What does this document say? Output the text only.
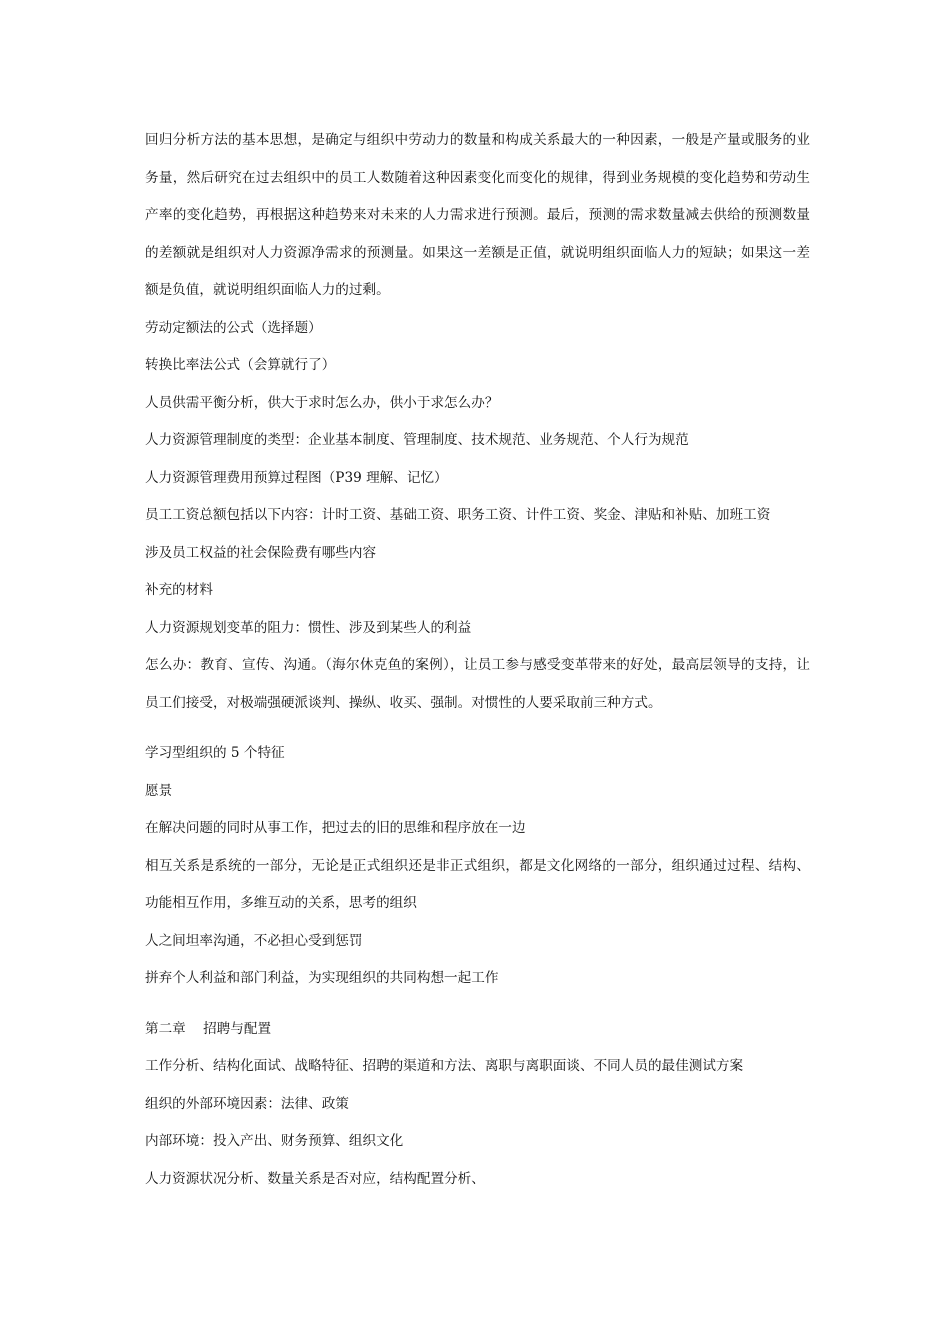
回归分析方法的基本思想，是确定与组织中劳动力的数量和构成关系最大的一种因素，一般是产量或服务的业务量，然后研究在过去组织中的员工人数随着这种因素变化而变化的规律，得到业务规模的变化趋势和劳动生产率的变化趋势，再根据这种趋势来对未来的人力需求进行预测。最后，预测的需求数量减去供给的预测数量的差额就是组织对人力资源净需求的预测量。如果这一差额是正值，就说明组织面临人力的短缺；如果这一差额是负值，就说明组织面临人力的过剩。

劳动定额法的公式（选择题）

转换比率法公式（会算就行了）

人员供需平衡分析，供大于求时怎么办，供小于求怎么办？

人力资源管理制度的类型：企业基本制度、管理制度、技术规范、业务规范、个人行为规范

人力资源管理费用预算过程图（P39 理解、记忆）

员工工资总额包括以下内容：计时工资、基础工资、职务工资、计件工资、奖金、津贴和补贴、加班工资

涉及员工权益的社会保险费有哪些内容

补充的材料

人力资源规划变革的阻力：惯性、涉及到某些人的利益

怎么办：教育、宣传、沟通。（海尔休克鱼的案例），让员工参与感受变革带来的好处，最高层领导的支持，让员工们接受，对极端强硬派谈判、操纵、收买、强制。对惯性的人要采取前三种方式。

学习型组织的 5 个特征

愿景

在解决问题的同时从事工作，把过去的旧的思维和程序放在一边

相互关系是系统的一部分，无论是正式组织还是非正式组织，都是文化网络的一部分，组织通过过程、结构、功能相互作用，多维互动的关系，思考的组织

人之间坦率沟通，不必担心受到惩罚

拼弃个人利益和部门利益，为实现组织的共同构想一起工作

第二章    招聘与配置

工作分析、结构化面试、战略特征、招聘的渠道和方法、离职与离职面谈、不同人员的最佳测试方案

组织的外部环境因素：法律、政策

内部环境：投入产出、财务预算、组织文化

人力资源状况分析、数量关系是否对应，结构配置分析、
